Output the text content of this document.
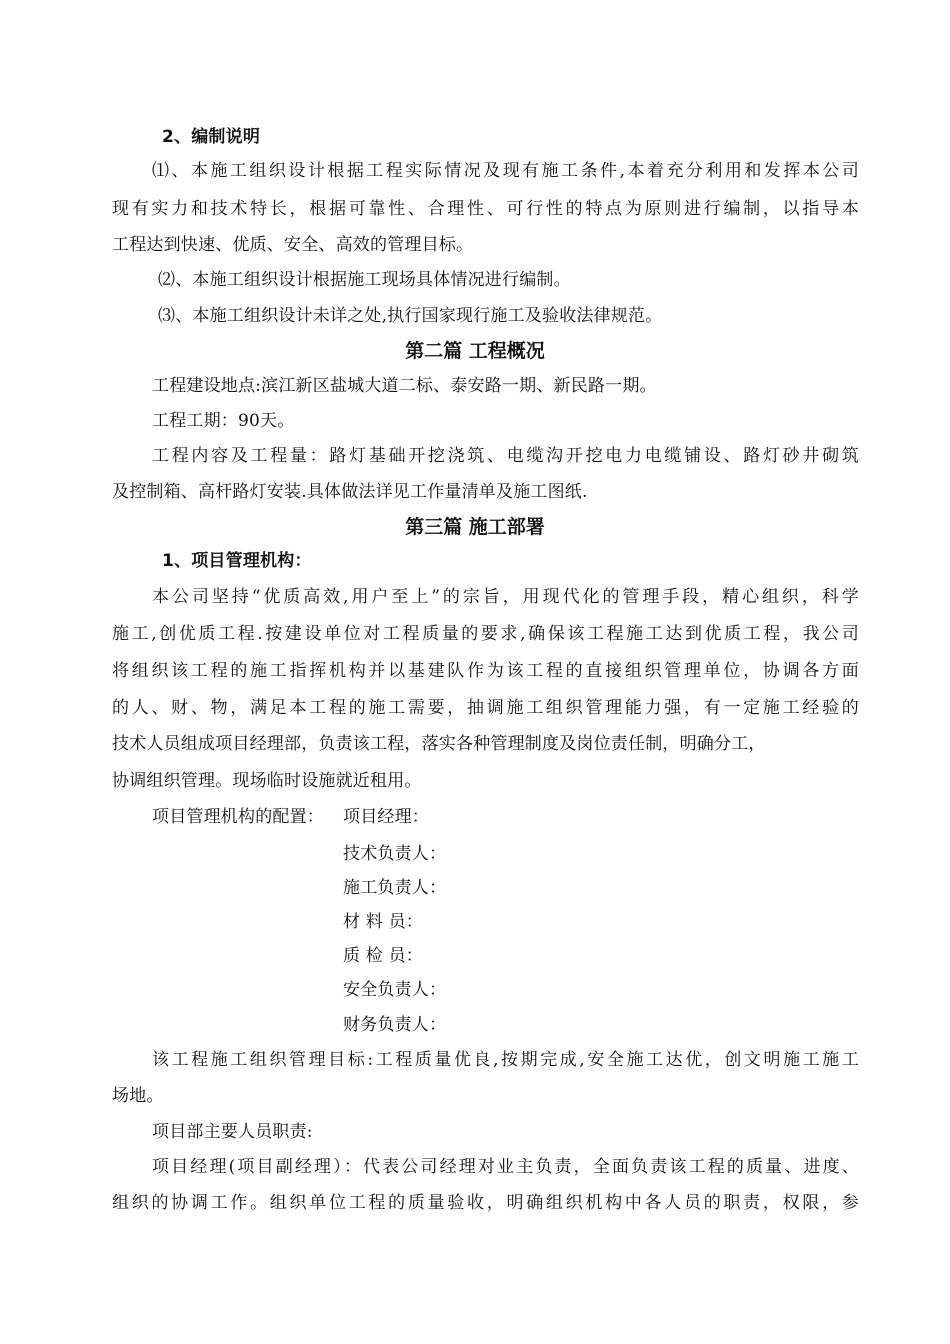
2、编制说明
⑴、本施工组织设计根据工程实际情况及现有施工条件,本着充分利用和发挥本公司
现有实力和技术特长，根据可靠性、合理性、可行性的特点为原则进行编制，以指导本
工程达到快速、优质、安全、高效的管理目标。
⑵、本施工组织设计根据施工现场具体情况进行编制。
⑶、本施工组织设计未详之处,执行国家现行施工及验收法律规范。
第二篇 工程概况
工程建设地点:滨江新区盐城大道二标、泰安路一期、新民路一期。
工程工期：90天。
工程内容及工程量：路灯基础开挖浇筑、电缆沟开挖电力电缆铺设、路灯砂井砌筑
及控制箱、高杆路灯安装.具体做法详见工作量清单及施工图纸.
第三篇 施工部署
1、项目管理机构：
本公司坚持“优质高效,用户至上”的宗旨，用现代化的管理手段，精心组织，科学
施工,创优质工程.按建设单位对工程质量的要求,确保该工程施工达到优质工程，我公司
将组织该工程的施工指挥机构并以基建队作为该工程的直接组织管理单位，协调各方面
的人、财、物，满足本工程的施工需要，抽调施工组织管理能力强，有一定施工经验的
技术人员组成项目经理部，负责该工程，落实各种管理制度及岗位责任制，明确分工，
协调组织管理。现场临时设施就近租用。
项目管理机构的配置： 项目经理：
技术负责人：
施工负责人：
材 料 员：
质 检 员：
安全负责人：
财务负责人：
该工程施工组织管理目标:工程质量优良,按期完成,安全施工达优，创文明施工施工
场地。
项目部主要人员职责:
项目经理(项目副经理）：代表公司经理对业主负责，全面负责该工程的质量、进度、
组织的协调工作。组织单位工程的质量验收，明确组织机构中各人员的职责，权限，参
